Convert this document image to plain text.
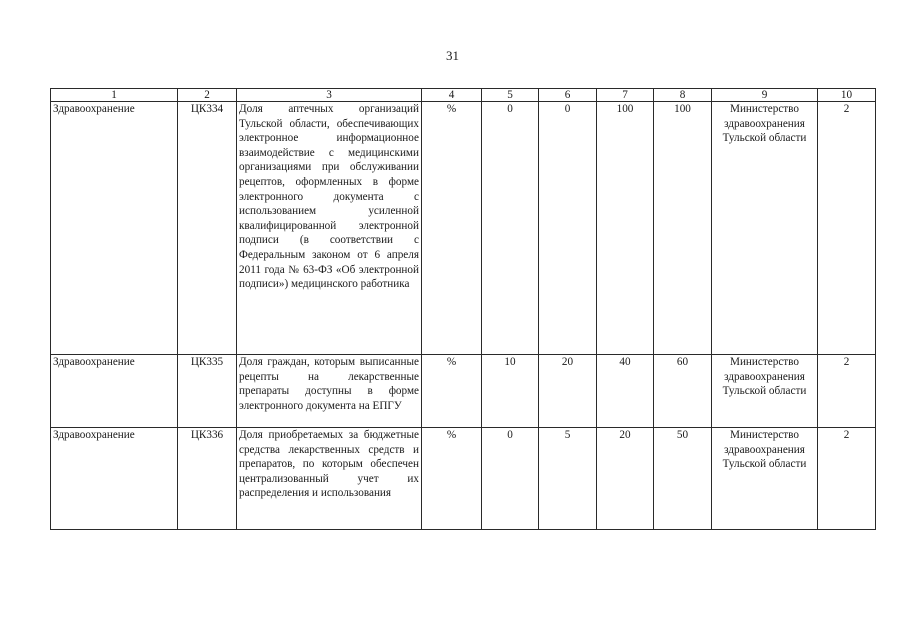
31
1	2	3	4	5	6	7	8	9	10
Здравоохранение	ЦК334	Доля аптечных организаций Тульской области, обеспечивающих электронное информационное взаимодействие с медицинскими организациями при обслуживании рецептов, оформленных в форме электронного документа с использованием усиленной квалифицированной электронной подписи (в соответствии с Федеральным законом от 6 апреля 2011 года № 63-ФЗ «Об электронной подписи») медицинского работника	%	0	0	100	100	Министерство здравоохранения Тульской области	2
Здравоохранение	ЦК335	Доля граждан, которым выписанные рецепты на лекарственные препараты доступны в форме электронного документа на ЕПГУ	%	10	20	40	60	Министерство здравоохранения Тульской области	2
Здравоохранение	ЦК336	Доля приобретаемых за бюджетные средства лекарственных средств и препаратов, по которым обеспечен централизованный учет их распределения и использования	%	0	5	20	50	Министерство здравоохранения Тульской области	2
